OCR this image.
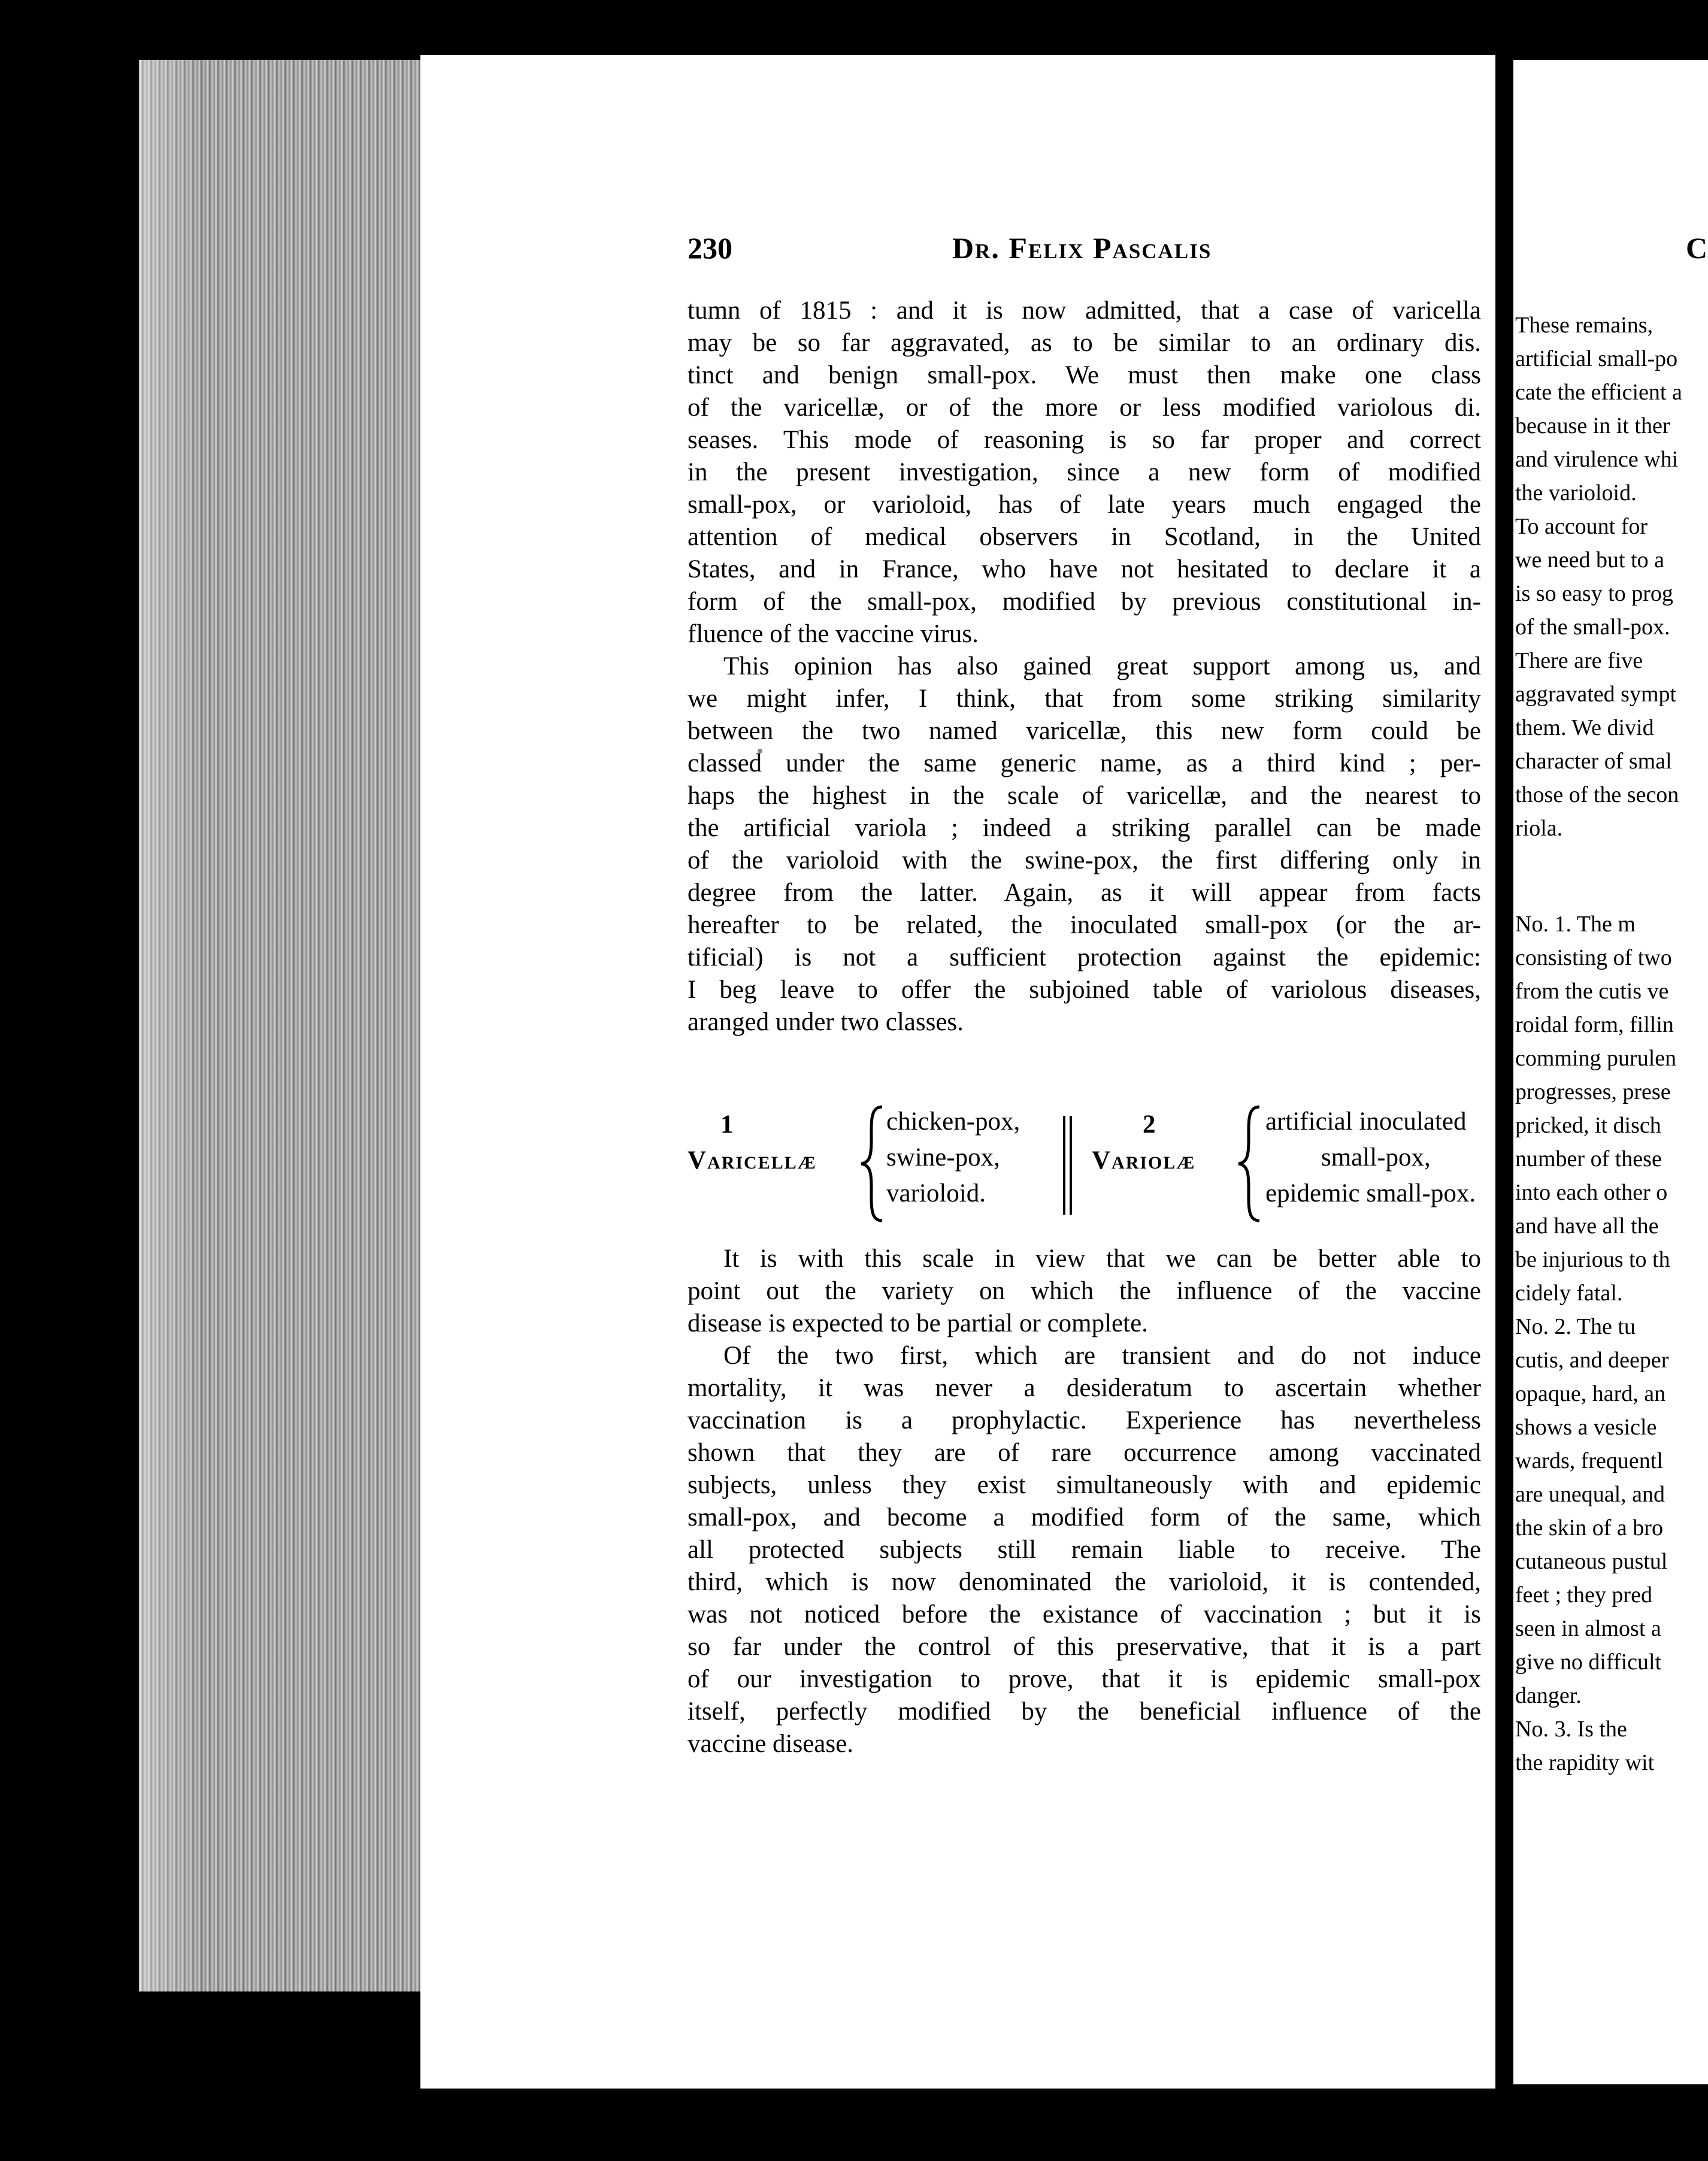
230	Dr. Felix Pascalis	C
tumn of 1815 : and it is now admitted, that a case of varicella
may be so far aggravated, as to be similar to an ordinary dis.
tinct and benign small-pox. We must then make one class
of the varicellæ, or of the more or less modified variolous di.
seases. This mode of reasoning is so far proper and correct
in the present investigation, since a new form of modified
small-pox, or varioloid, has of late years much engaged the
attention of medical observers in Scotland, in the United
States, and in France, who have not hesitated to declare it a
form of the small-pox, modified by previous constitutional in-
fluence of the vaccine virus.
This opinion has also gained great support among us, and
we might infer, I think, that from some striking similarity
between the two named varicellæ, this new form could be
classed under the same generic name, as a third kind ; per-
haps the highest in the scale of varicellæ, and the nearest to
the artificial variola ; indeed a striking parallel can be made
of the varioloid with the swine-pox, the first differing only in
degree from the latter. Again, as it will appear from facts
hereafter to be related, the inoculated small-pox (or the ar-
tificial) is not a sufficient protection against the epidemic:
I beg leave to offer the subjoined table of variolous diseases,
aranged under two classes.
1
Varicellæ
chicken-pox,
swine-pox,
varioloid.
2
Variolæ
artificial inoculated
small-pox,
epidemic small-pox.
It is with this scale in view that we can be better able to
point out the variety on which the influence of the vaccine
disease is expected to be partial or complete.
Of the two first, which are transient and do not induce
mortality, it was never a desideratum to ascertain whether
vaccination is a prophylactic. Experience has nevertheless
shown that they are of rare occurrence among vaccinated
subjects, unless they exist simultaneously with and epidemic
small-pox, and become a modified form of the same, which
all protected subjects still remain liable to receive. The
third, which is now denominated the varioloid, it is contended,
was not noticed before the existance of vaccination ; but it is
so far under the control of this preservative, that it is a part
of our investigation to prove, that it is epidemic small-pox
itself, perfectly modified by the beneficial influence of the
vaccine disease.
These remains,
artificial small-po
cate the efficient a
because in it ther
and virulence whi
the varioloid.
To account for
we need but to a
is so easy to prog
of the small-pox.
There are five
aggravated sympt
them. We divid
character of smal
those of the secon
riola.
No. 1. The m
consisting of two
from the cutis ve
roidal form, fillin
comming purulen
progresses, prese
pricked, it disch
number of these
into each other o
and have all the
be injurious to th
cidely fatal.
No. 2. The tu
cutis, and deeper
opaque, hard, an
shows a vesicle
wards, frequentl
are unequal, and
the skin of a bro
cutaneous pustul
feet ; they pred
seen in almost a
give no difficult
danger.
No. 3. Is the
the rapidity wit
